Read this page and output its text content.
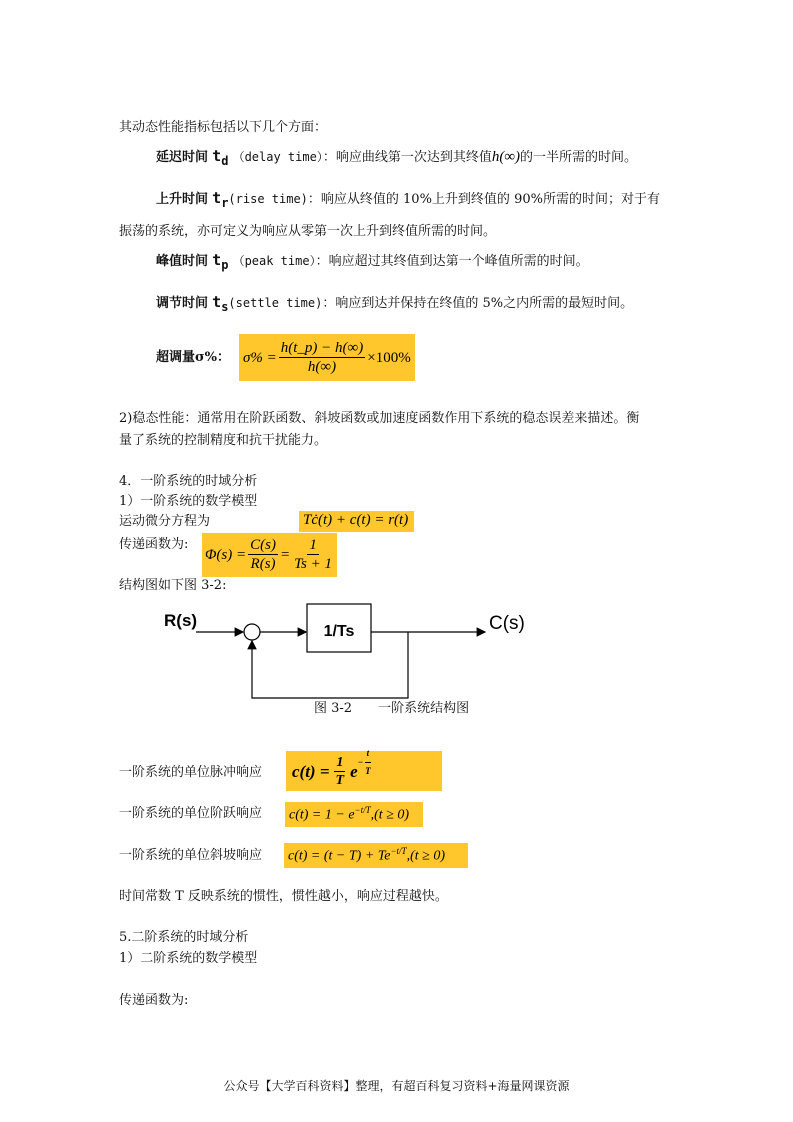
其动态性能指标包括以下几个方面：
延迟时间 td （delay time）：响应曲线第一次达到其终值h(∞)的一半所需的时间。
上升时间 tr(rise time)：响应从终值的 10%上升到终值的 90%所需的时间；对于有
振荡的系统，亦可定义为响应从零第一次上升到终值所需的时间。
峰值时间 tp （peak time）：响应超过其终值到达第一个峰值所需的时间。
调节时间 ts(settle time)：响应到达并保持在终值的 5%之内所需的最短时间。
超调量σ%： $\sigma\% = \frac{h(t\_p) - h(\infty)}{h(\infty)} \times 100\%$
2)稳态性能：通常用在阶跃函数、斜坡函数或加速度函数作用下系统的稳态误差来描述。衡
量了系统的控制精度和抗干扰能力。
4．一阶系统的时域分析
1）一阶系统的数学模型
运动微分方程为	Tċ(t) + c(t) = r(t)
传递函数为:
$\Phi(s) = \frac{C(s)}{R(s)} = \frac{1}{Ts + 1}$
结构图如下图 3-2:
R(s)
1/Ts	C(s)
图 3-2　　一阶系统结构图
一阶系统的单位脉冲响应 $c(t) = \frac{1}{T}$ $e - \frac{t}{T}$
一阶系统的单位阶跃响应 $c(t) = 1 - e^{-t/T},(t \ge 0)$
一阶系统的单位斜坡响应 $c(t) = (t - T) + Te^{-t/T},(t \ge 0)$
时间常数 T 反映系统的惯性，惯性越小，响应过程越快。
5.二阶系统的时域分析
1）二阶系统的数学模型
传递函数为:
公众号【大学百科资料】整理，有超百科复习资料+海量网课资源
